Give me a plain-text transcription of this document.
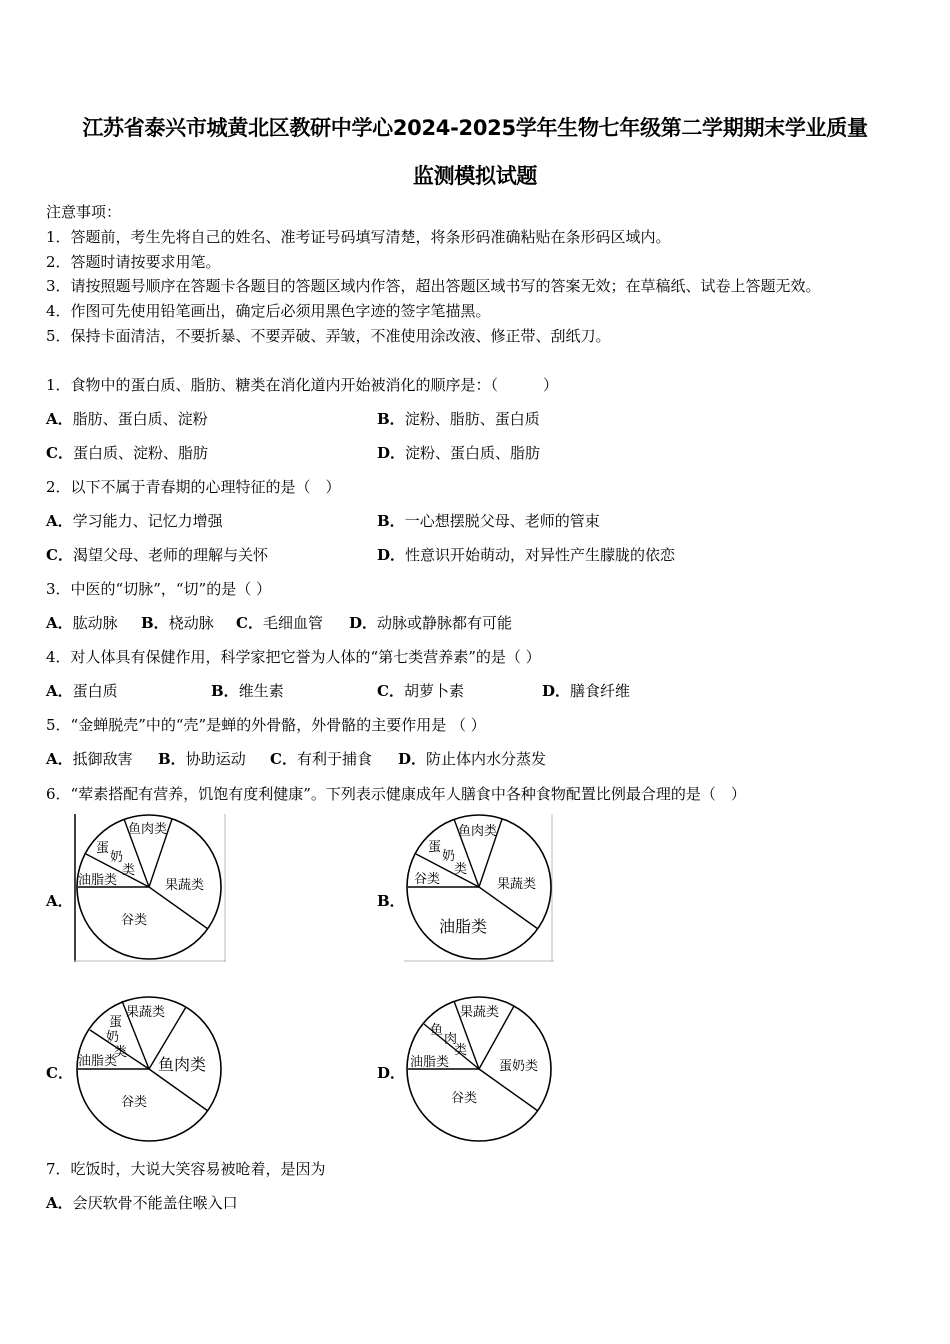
江苏省泰兴市城黄北区教研中学心2024-2025学年生物七年级第二学期期末学业质量
监测模拟试题
注意事项：
1．答题前，考生先将自己的姓名、准考证号码填写清楚，将条形码准确粘贴在条形码区域内。
2．答题时请按要求用笔。
3．请按照题号顺序在答题卡各题目的答题区域内作答，超出答题区域书写的答案无效；在草稿纸、试卷上答题无效。
4．作图可先使用铅笔画出，确定后必须用黑色字迹的签字笔描黑。
5．保持卡面清洁，不要折暴、不要弄破、弄皱，不准使用涂改液、修正带、刮纸刀。
1．食物中的蛋白质、脂肪、糖类在消化道内开始被消化的顺序是：（　　　）
A．脂肪、蛋白质、淀粉	B．淀粉、脂肪、蛋白质
C．蛋白质、淀粉、脂肪	D．淀粉、蛋白质、脂肪
2．以下不属于青春期的心理特征的是（　）
A．学习能力、记忆力增强	B．一心想摆脱父母、老师的管束
C．渴望父母、老师的理解与关怀	D．性意识开始萌动，对异性产生朦胧的依恋
3．中医的“切脉”，“切”的是（ ）
A．肱动脉 B．桡动脉 C．毛细血管 D．动脉或静脉都有可能
4．对人体具有保健作用，科学家把它誉为人体的“第七类营养素”的是（ ）
A．蛋白质	B．维生素	C．胡萝卜素	D．膳食纤维
5．“金蝉脱壳”中的“壳”是蝉的外骨骼，外骨骼的主要作用是 （ ）
A．抵御敌害 B．协助运动 C．有利于捕食 D．防止体内水分蒸发
6．“荤素搭配有营养，饥饱有度利健康”。下列表示健康成年人膳食中各种食物配置比例最合理的是（　）
A．
鱼肉类
蛋
奶
类
油脂类	果蔬类
谷类
B．
鱼肉类
蛋
奶
类
谷类	果蔬类
油脂类
C．
果蔬类
蛋
奶
类
油脂类	鱼肉类
谷类
D．
果蔬类
鱼
肉
类
油脂类	蛋奶类
谷类
7．吃饭时，大说大笑容易被呛着，是因为
A．会厌软骨不能盖住喉入口
